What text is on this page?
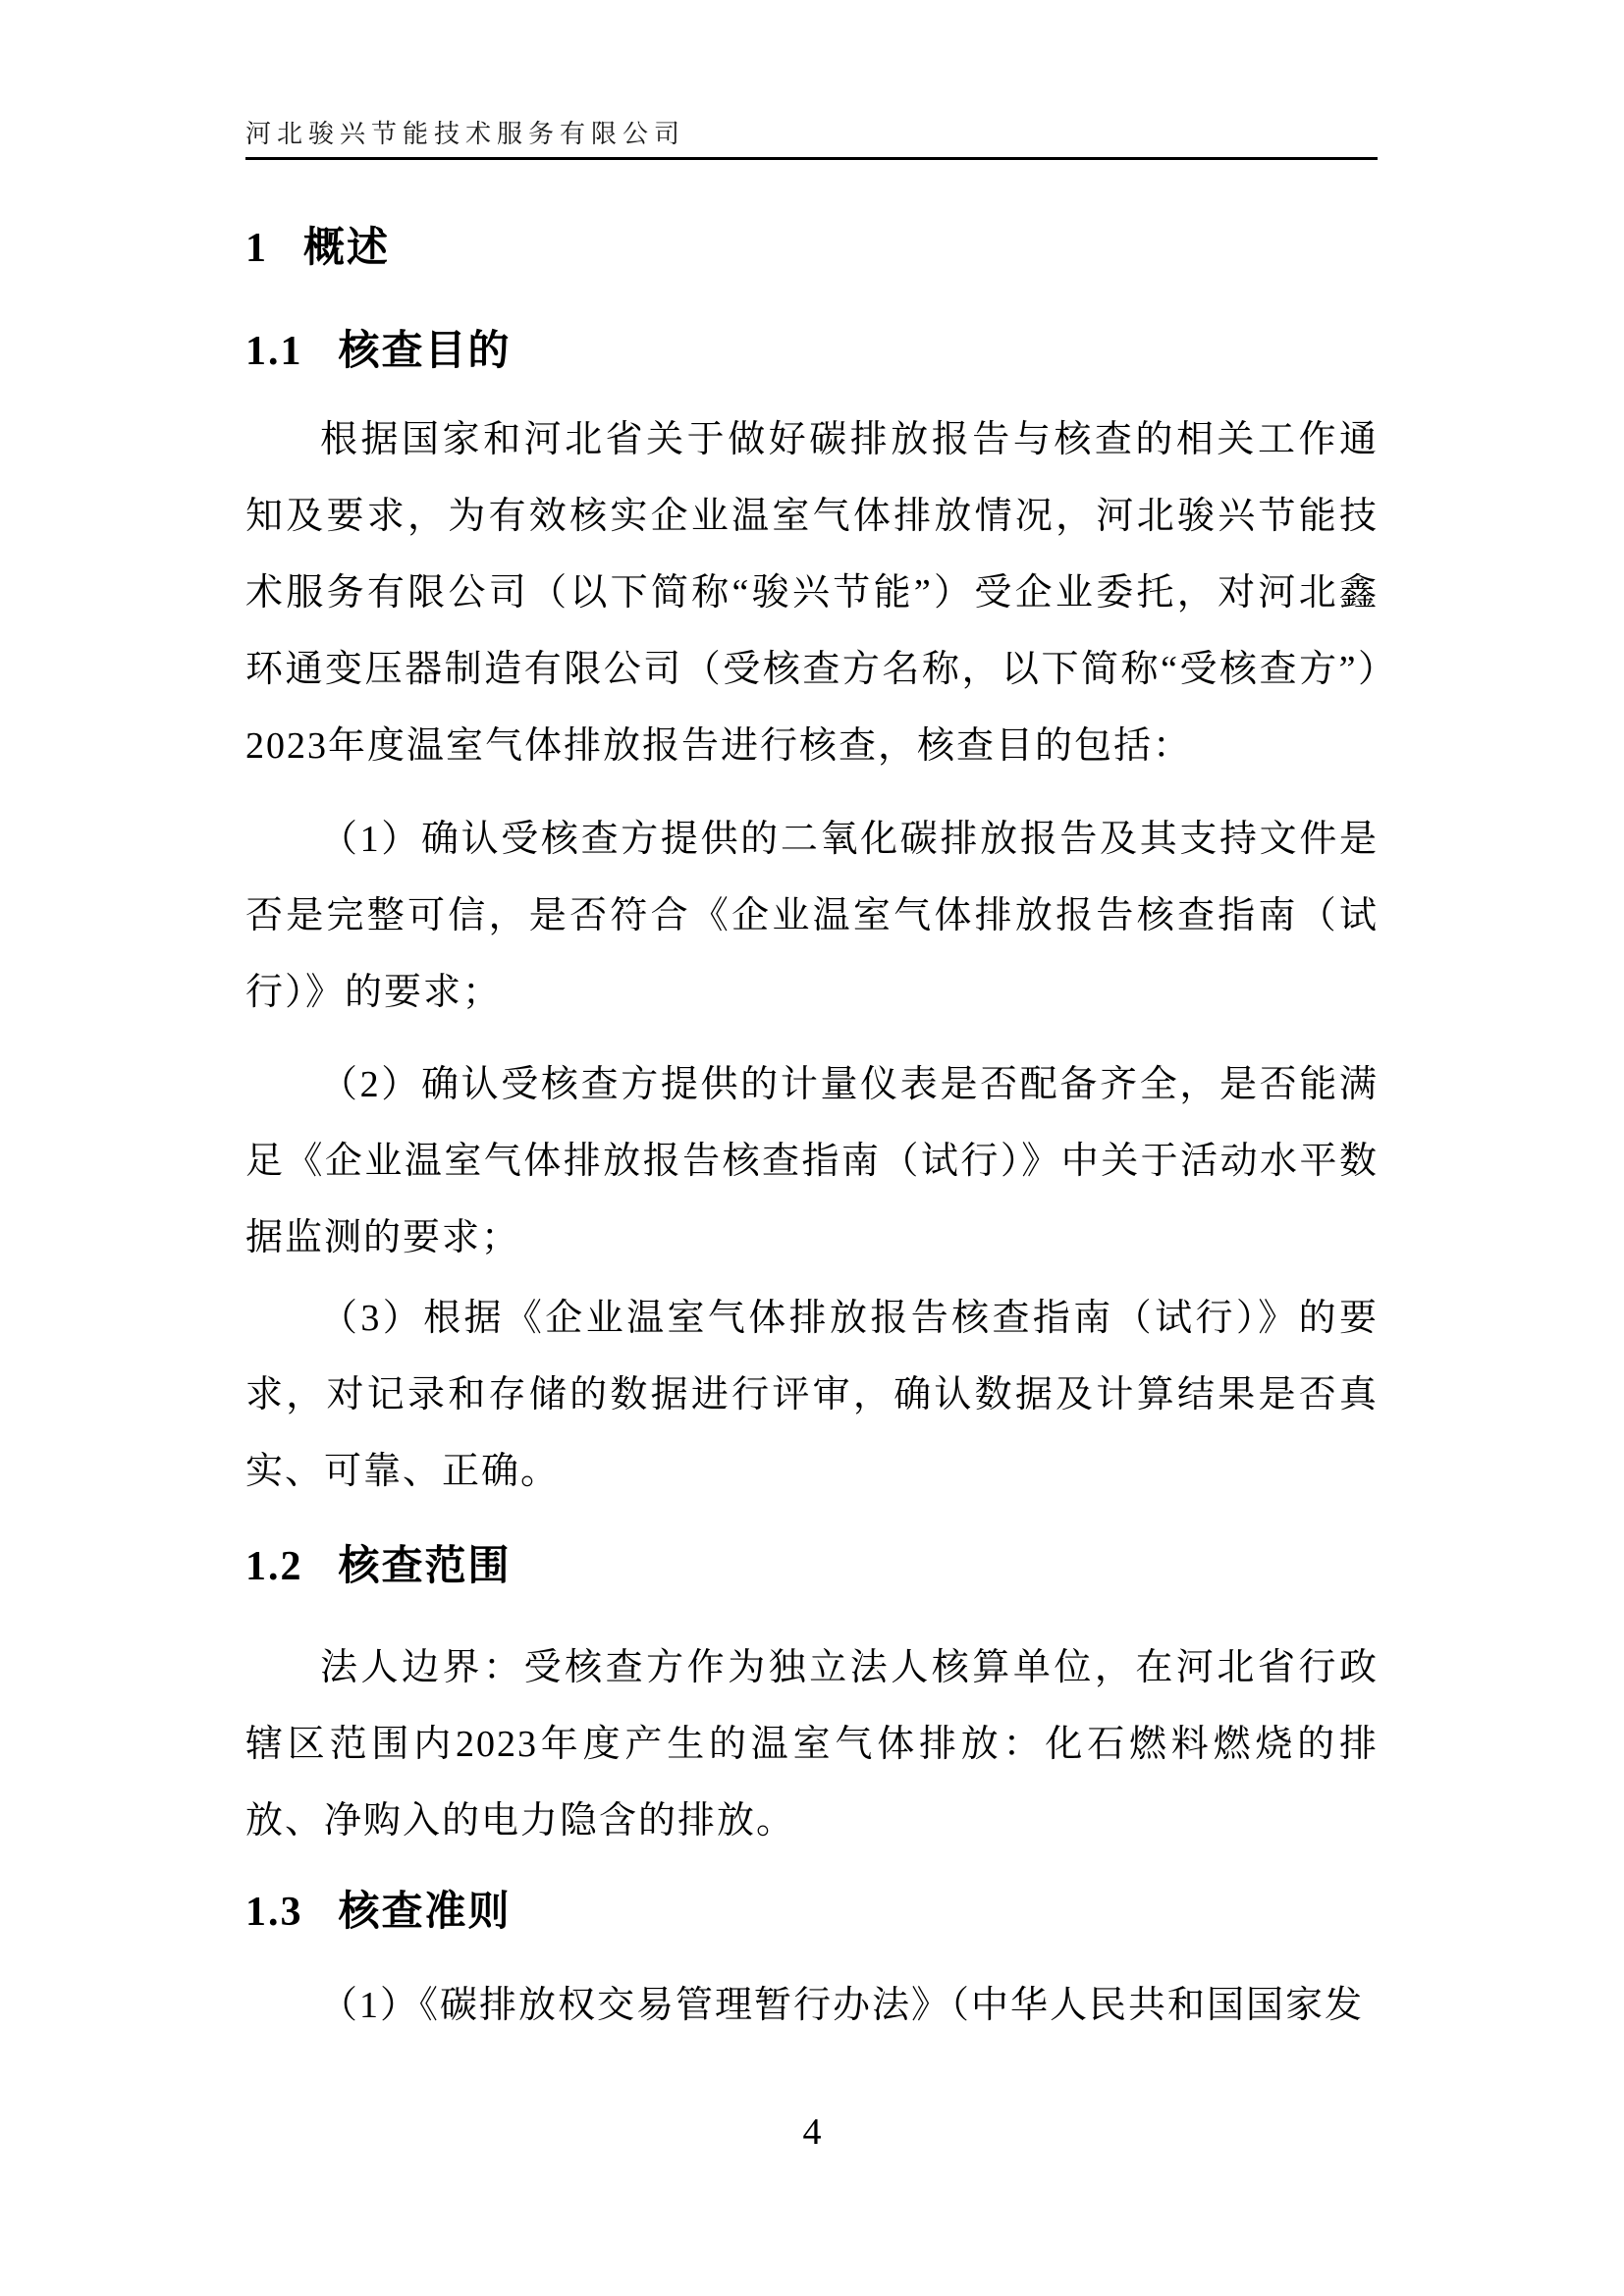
河北骏兴节能技术服务有限公司
1 概述
1.1 核查目的

根据国家和河北省关于做好碳排放报告与核查的相关工作通知及要求，为有效核实企业温室气体排放情况，河北骏兴节能技术服务有限公司（以下简称“骏兴节能”）受企业委托，对河北鑫环通变压器制造有限公司（受核查方名称，以下简称“受核查方”）2023年度温室气体排放报告进行核查，核查目的包括：

（1）确认受核查方提供的二氧化碳排放报告及其支持文件是否是完整可信，是否符合《企业温室气体排放报告核查指南（试行）》的要求；

（2）确认受核查方提供的计量仪表是否配备齐全，是否能满足《企业温室气体排放报告核查指南（试行）》中关于活动水平数据监测的要求；

（3）根据《企业温室气体排放报告核查指南（试行）》的要求，对记录和存储的数据进行评审，确认数据及计算结果是否真实、可靠、正确。

1.2 核查范围

法人边界：受核查方作为独立法人核算单位，在河北省行政辖区范围内2023年度产生的温室气体排放：化石燃料燃烧的排放、净购入的电力隐含的排放。

1.3 核查准则

（1）《碳排放权交易管理暂行办法》（中华人民共和国国家发

4
